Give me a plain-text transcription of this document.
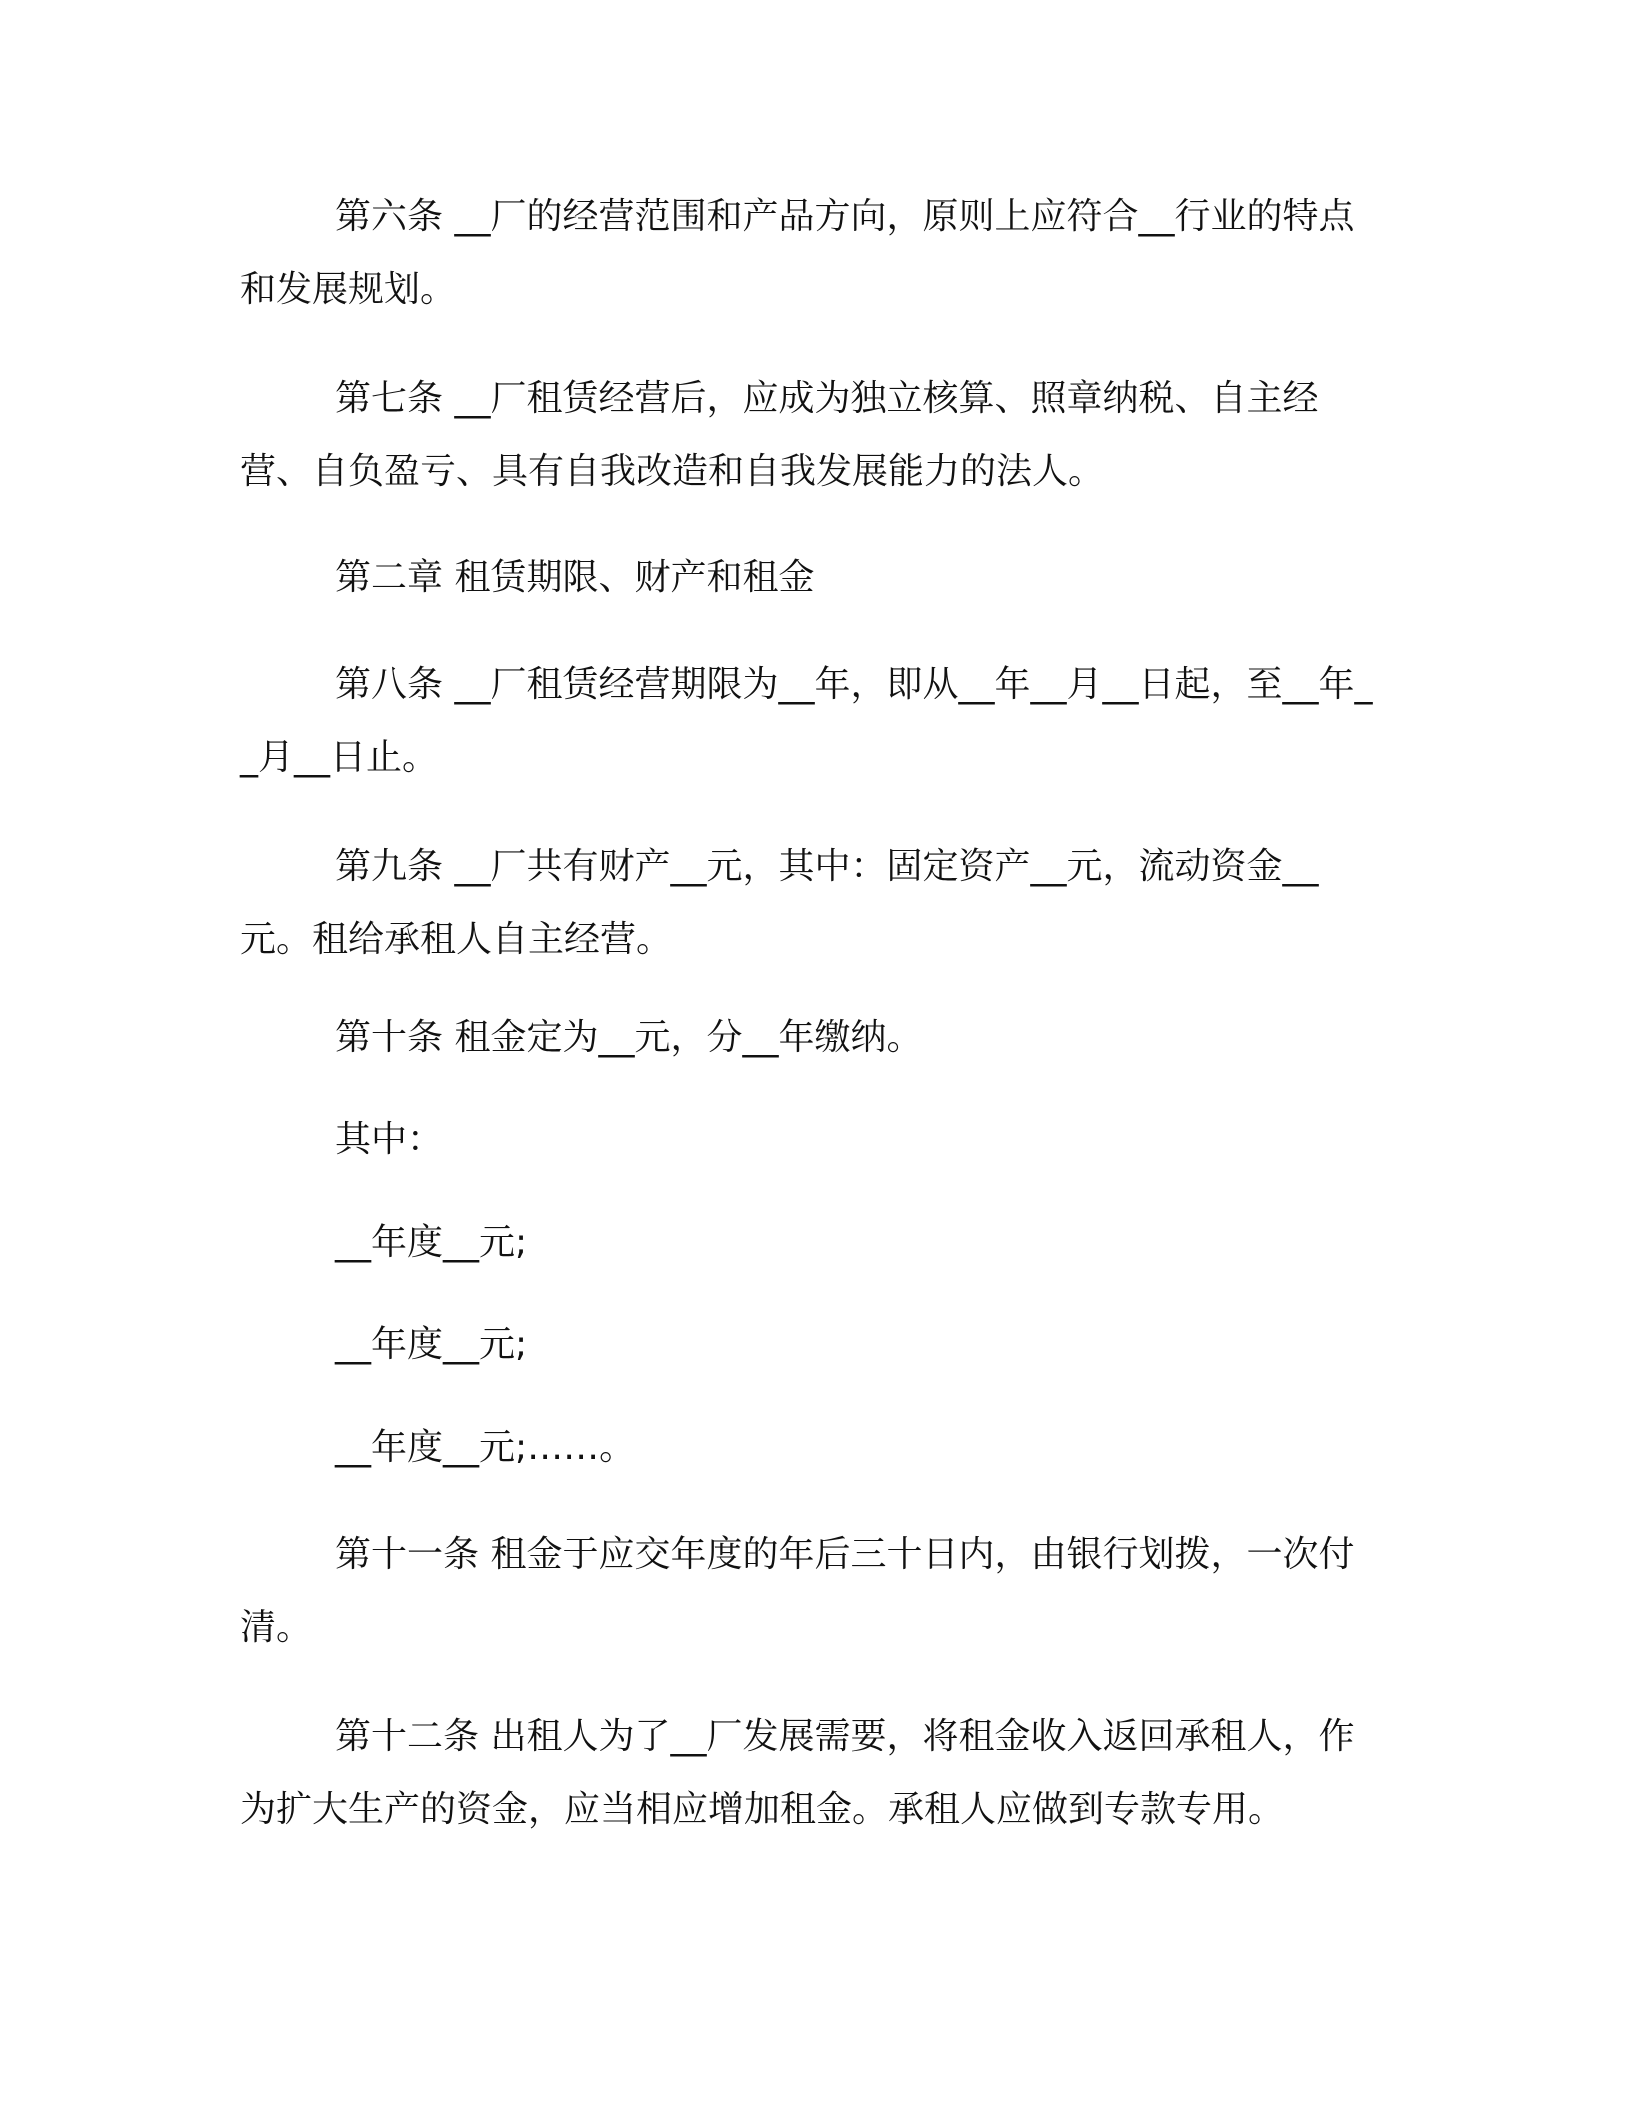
第六条 __厂的经营范围和产品方向，原则上应符合__行业的特点和发展规划。

第七条 __厂租赁经营后，应成为独立核算、照章纳税、自主经营、自负盈亏、具有自我改造和自我发展能力的法人。

第二章 租赁期限、财产和租金

第八条 __厂租赁经营期限为__年，即从__年__月__日起，至__年__月__日止。

第九条 __厂共有财产__元，其中：固定资产__元，流动资金__元。租给承租人自主经营。

第十条 租金定为__元，分__年缴纳。

其中：

__年度__元;

__年度__元;

__年度__元;……。

第十一条 租金于应交年度的年后三十日内，由银行划拨，一次付清。

第十二条 出租人为了__厂发展需要，将租金收入返回承租人，作为扩大生产的资金，应当相应增加租金。承租人应做到专款专用。
